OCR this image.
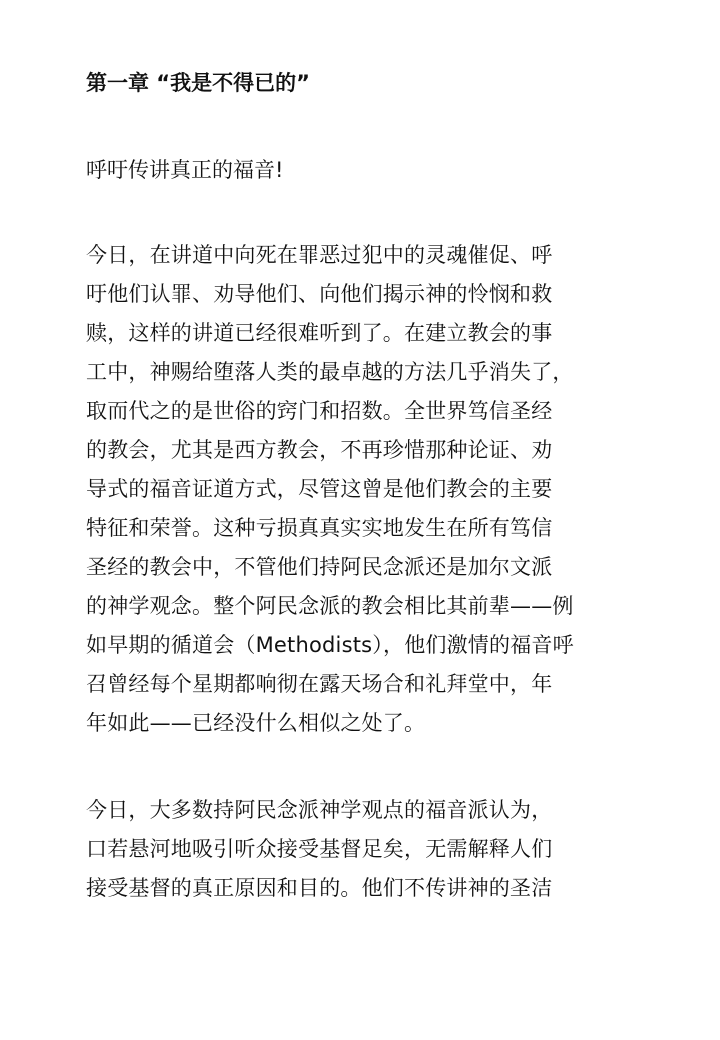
第一章 “我是不得已的”
呼吁传讲真正的福音!
今日，在讲道中向死在罪恶过犯中的灵魂催促、呼
吁他们认罪、劝导他们、向他们揭示神的怜悯和救
赎，这样的讲道已经很难听到了。在建立教会的事
工中，神赐给堕落人类的最卓越的方法几乎消失了，
取而代之的是世俗的窍门和招数。全世界笃信圣经
的教会，尤其是西方教会，不再珍惜那种论证、劝
导式的福音证道方式，尽管这曾是他们教会的主要
特征和荣誉。这种亏损真真实实地发生在所有笃信
圣经的教会中，不管他们持阿民念派还是加尔文派
的神学观念。整个阿民念派的教会相比其前辈——例
如早期的循道会（Methodists），他们激情的福音呼
召曾经每个星期都响彻在露天场合和礼拜堂中，年
年如此——已经没什么相似之处了。
今日，大多数持阿民念派神学观点的福音派认为，
口若悬河地吸引听众接受基督足矣，无需解释人们
接受基督的真正原因和目的。他们不传讲神的圣洁
